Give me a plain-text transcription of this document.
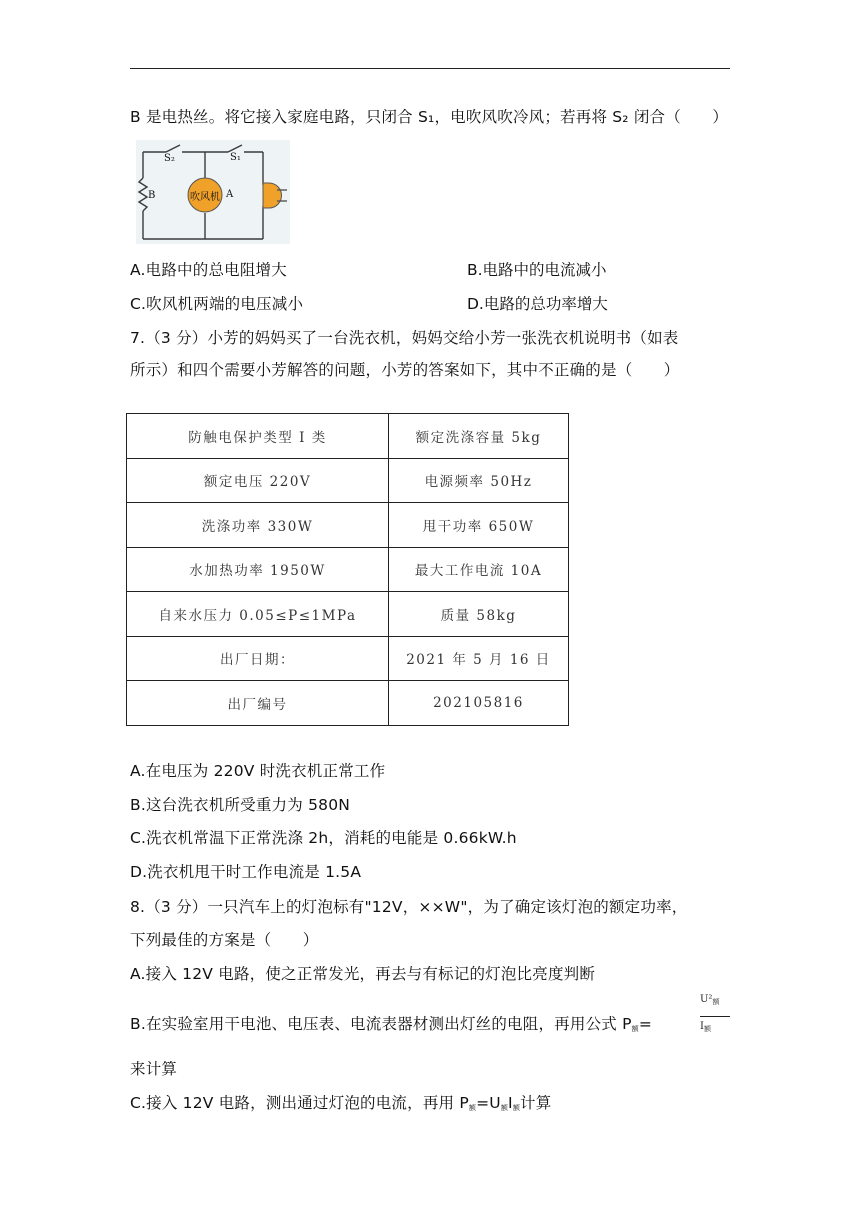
B 是电热丝。将它接入家庭电路，只闭合 S₁，电吹风吹冷风；若再将 S₂ 闭合（　　）
S₂	S₁
B	吹风机 A
A.电路中的总电阻增大	B.电路中的电流减小
C.吹风机两端的电压减小	D.电路的总功率增大
7.（3 分）小芳的妈妈买了一台洗衣机，妈妈交给小芳一张洗衣机说明书（如表
所示）和四个需要小芳解答的问题，小芳的答案如下，其中不正确的是（　　）
防触电保护类型 I 类	额定洗涤容量 5kg
额定电压 220V	电源频率 50Hz
洗涤功率 330W	甩干功率 650W
水加热功率 1950W	最大工作电流 10A
自来水压力 0.05≤P≤1MPa	质量 58kg
出厂日期：	2021 年 5 月 16 日
出厂编号	202105816
A.在电压为 220V 时洗衣机正常工作
B.这台洗衣机所受重力为 580N
C.洗衣机常温下正常洗涤 2h，消耗的电能是 0.66kW.h
D.洗衣机甩干时工作电流是 1.5A
8.（3 分）一只汽车上的灯泡标有"12V，××W"，为了确定该灯泡的额定功率，
下列最佳的方案是（　　）
A.接入 12V 电路，使之正常发光，再去与有标记的灯泡比亮度判断
B.在实验室用干电池、电压表、电流表器材测出灯丝的电阻，再用公式 $P_额=$
$U^2_额$
$I_额$
来计算
C.接入 12V 电路，测出通过灯泡的电流，再用 $P_额=U_额I_额$计算
